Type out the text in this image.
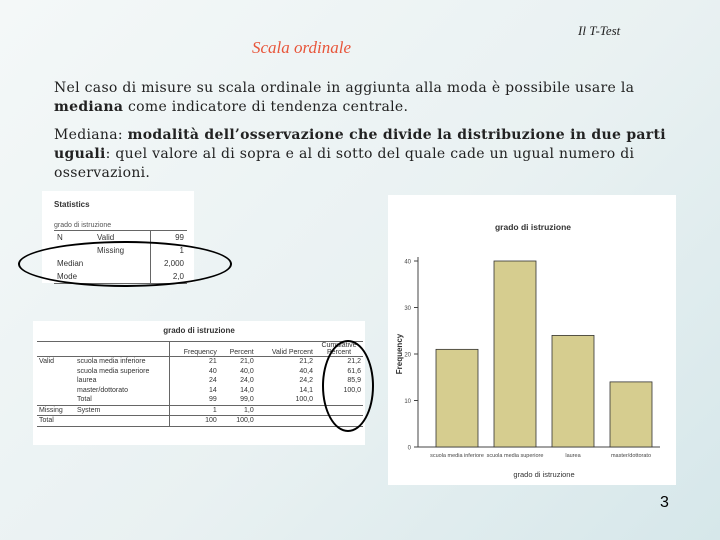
Scala ordinale
Il T-Test
Nel caso di misure su scala ordinale in aggiunta alla moda è possibile usare la mediana come indicatore di tendenza centrale.
Mediana: modalità dell’osservazione che divide la distribuzione in due parti uguali: quel valore al di sopra e al di sotto del quale cade un ugual numero di osservazioni.
Statistics
grado di istruzione
N	Valid	99
	Missing	1
Median		2,000
Mode		2,0
grado di istruzione
		Frequency	Percent	Valid Percent	Cumulative Percent
Valid	scuola media inferiore	21	21,0	21,2	21,2
	scuola media superiore	40	40,0	40,4	61,6
	laurea	24	24,0	24,2	85,9
	master/dottorato	14	14,0	14,1	100,0
	Total	99	99,0	100,0	
Missing	System	1	1,0		
Total		100	100,0		
grado di istruzione
Frequency
0
10
20
30
40
scuola media inferiore scuola media superiore	laurea	master/dottorato
grado di istruzione
3
